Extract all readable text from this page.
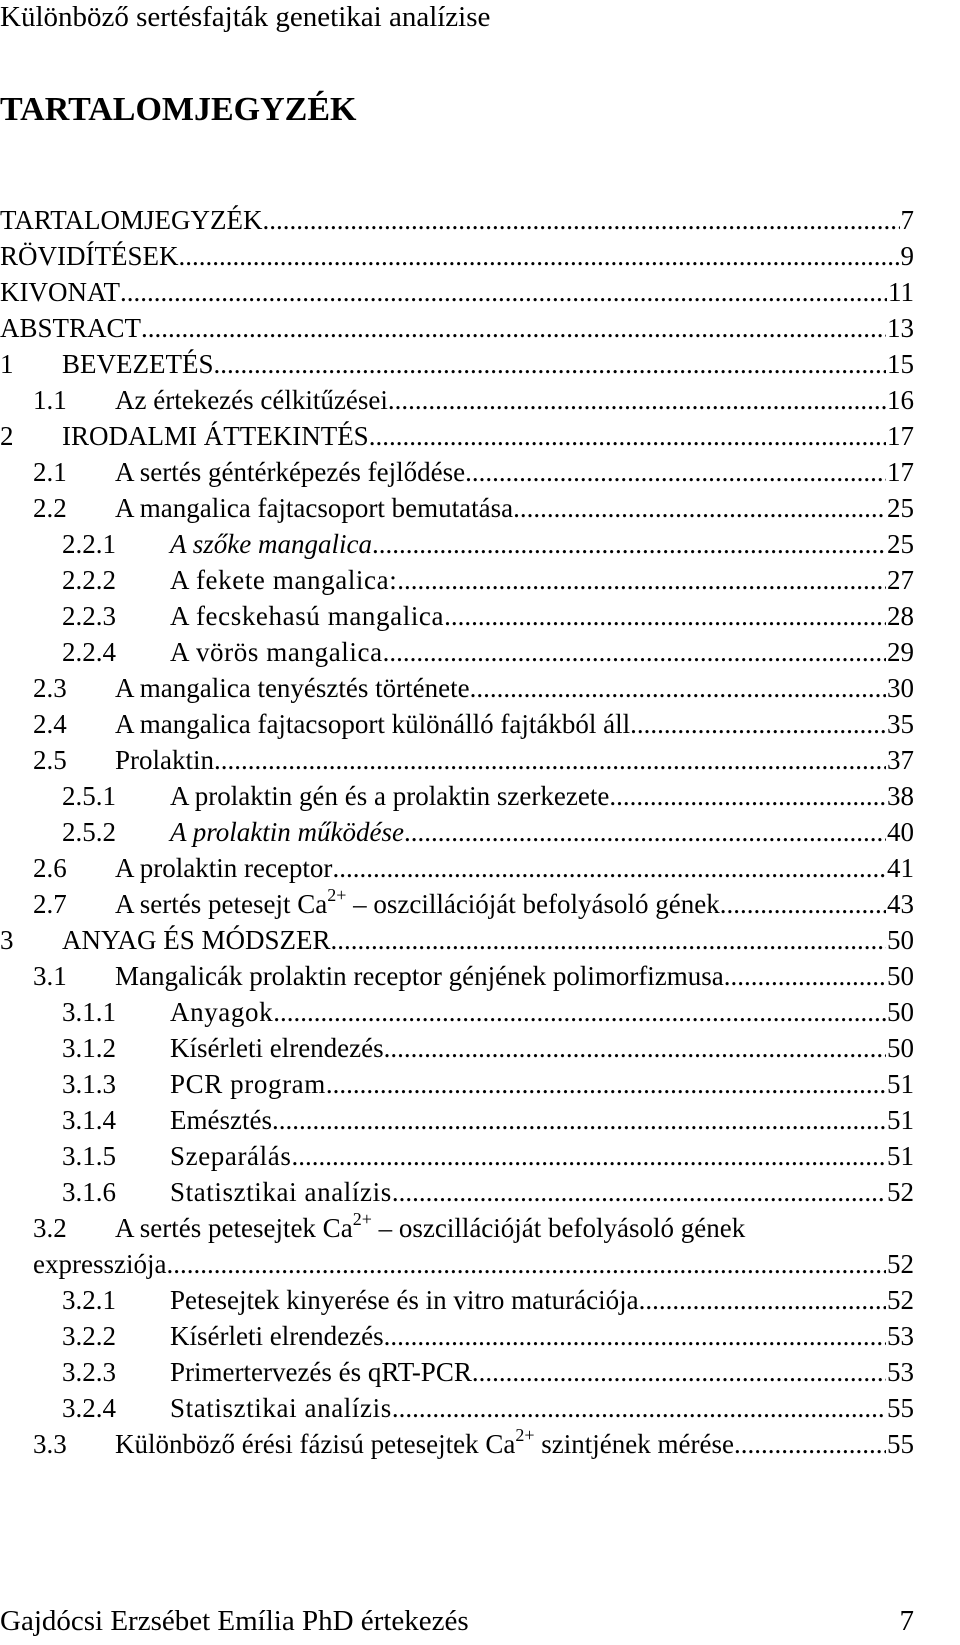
Különböző sertésfajták genetikai analízise
TARTALOMJEGYZÉK
TARTALOMJEGYZÉK .....	7
RÖVIDÍTÉSEK .....	9
KIVONAT .....	11
ABSTRACT .....	13
1 BEVEZETÉS .....	15
1.1 Az értekezés célkitűzései .....	16
2 IRODALMI ÁTTEKINTÉS .....	17
2.1 A sertés géntérképezés fejlődése .....	17
2.2 A mangalica fajtacsoport bemutatása .....	25
2.2.1 A szőke mangalica .....	25
2.2.2 A fekete mangalica: .....	27
2.2.3 A fecskehasú mangalica .....	28
2.2.4 A vörös mangalica .....	29
2.3 A mangalica tenyésztés története .....	30
2.4 A mangalica fajtacsoport különálló fajtákból áll .....	35
2.5 Prolaktin .....	37
2.5.1 A prolaktin gén és a prolaktin szerkezete .....	38
2.5.2 A prolaktin működése .....	40
2.6 A prolaktin receptor .....	41
2.7 A sertés petesejt $Ca^{2+}$ – oszcillációját befolyásoló gének .....	43
3 ANYAG ÉS MÓDSZER .....	50
3.1 Mangalicák prolaktin receptor génjének polimorfizmusa .....	50
3.1.1 Anyagok .....	50
3.1.2 Kísérleti elrendezés .....	50
3.1.3 PCR program .....	51
3.1.4 Emésztés .....	51
3.1.5 Szeparálás .....	51
3.1.6 Statisztikai analízis .....	52
3.2 A sertés petesejtek $Ca^{2+}$ – oszcillációját befolyásoló gének
expressziója .....	52
3.2.1 Petesejtek kinyerése és in vitro maturációja .....	52
3.2.2 Kísérleti elrendezés .....	53
3.2.3 Primertervezés és qRT-PCR .....	53
3.2.4 Statisztikai analízis .....	55
3.3 Különböző érési fázisú petesejtek $Ca^{2+}$ szintjének mérése .....	55
Gajdócsi Erzsébet Emília PhD értekezés	7
